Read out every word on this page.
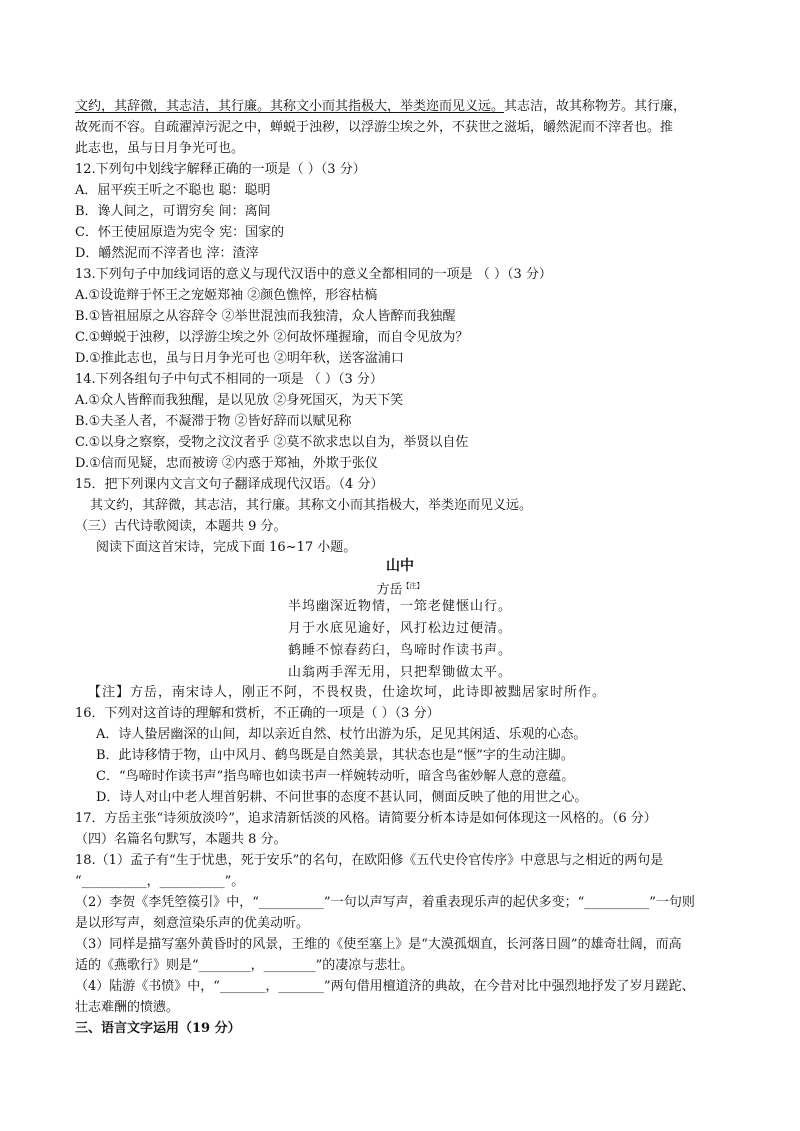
文约，其辞微，其志洁，其行廉。其称文小而其指极大，举类迩而见义远。其志洁，故其称物芳。其行廉，
故死而不容。自疏濯淖污泥之中，蝉蜕于浊秽，以浮游尘埃之外，不获世之滋垢，皭然泥而不滓者也。推
此志也，虽与日月争光可也。
12.下列句中划线字解释正确的一项是（ ）（3 分）
A．屈平疾王听之不聪也 聪：聪明
B．谗人间之，可谓穷矣 间：离间
C．怀王使屈原造为宪令 宪：国家的
D．皭然泥而不滓者也 滓：渣滓
13.下列句子中加线词语的意义与现代汉语中的意义全都相同的一项是 （ ）（3 分）
A.①设诡辩于怀王之宠姬郑袖 ②颜色憔悴，形容枯槁
B.①皆祖屈原之从容辞令 ②举世混浊而我独清，众人皆醉而我独醒
C.①蝉蜕于浊秽，以浮游尘埃之外 ②何故怀瑾握瑜，而自令见放为？
D.①推此志也，虽与日月争光可也 ②明年秋，送客湓浦口
14.下列各组句子中句式不相同的一项是 （ ）（3 分）
A.①众人皆醉而我独醒，是以见放 ②身死国灭，为天下笑
B.①夫圣人者，不凝滞于物 ②皆好辞而以赋见称
C.①以身之察察，受物之汶汶者乎 ②莫不欲求忠以自为，举贤以自佐
D.①信而见疑，忠而被谤 ②内惑于郑袖，外欺于张仪
15．把下列课内文言文句子翻译成现代汉语。（4 分）
其文约，其辞微，其志洁，其行廉。其称文小而其指极大，举类迩而见义远。
（三）古代诗歌阅读，本题共 9 分。
阅读下面这首宋诗，完成下面 16~17 小题。
山中
方岳$^{【注】}$
半坞幽深近物情，一筇老健惬山行。
月于水底见逾好，风打松边过便清。
鹤睡不惊春药臼，鸟啼时作读书声。
山翁两手浑无用，只把犁锄做太平。
【注】方岳，南宋诗人，刚正不阿，不畏权贵，仕途坎坷，此诗即被黜居家时所作。
16．下列对这首诗的理解和赏析，不正确的一项是（ ）（3 分）
A．诗人蛰居幽深的山间，却以亲近自然、杖竹出游为乐，足见其闲适、乐观的心态。
B．此诗移情于物，山中风月、鹤鸟既是自然美景，其状态也是“惬”字的生动注脚。
C．“鸟啼时作读书声”指鸟啼也如读书声一样婉转动听，暗含鸟雀妙解人意的意蕴。
D．诗人对山中老人埋首躬耕、不问世事的态度不甚认同，侧面反映了他的用世之心。
17．方岳主张“诗须放淡吟”，追求清新恬淡的风格。请简要分析本诗是如何体现这一风格的。（6 分）
（四）名篇名句默写，本题共 8 分。
18.（1）孟子有“生于忧患，死于安乐”的名句，在欧阳修《五代史伶官传序》中意思与之相近的两句是
“__________，__________”。
（2）李贺《李凭箜篌引》中，“__________”一句以声写声，着重表现乐声的起伏多变；“__________”一句则
是以形写声，刻意渲染乐声的优美动听。
（3）同样是描写塞外黄昏时的风景，王维的《使至塞上》是“大漠孤烟直，长河落日圆”的雄奇壮阔，而高
适的《燕歌行》则是“________，________”的凄凉与悲壮。
（4）陆游《书愤》中，“_______，_______”两句借用檀道济的典故，在今昔对比中强烈地抒发了岁月蹉跎、
壮志难酬的愤懑。
三、语言文字运用（19 分）
